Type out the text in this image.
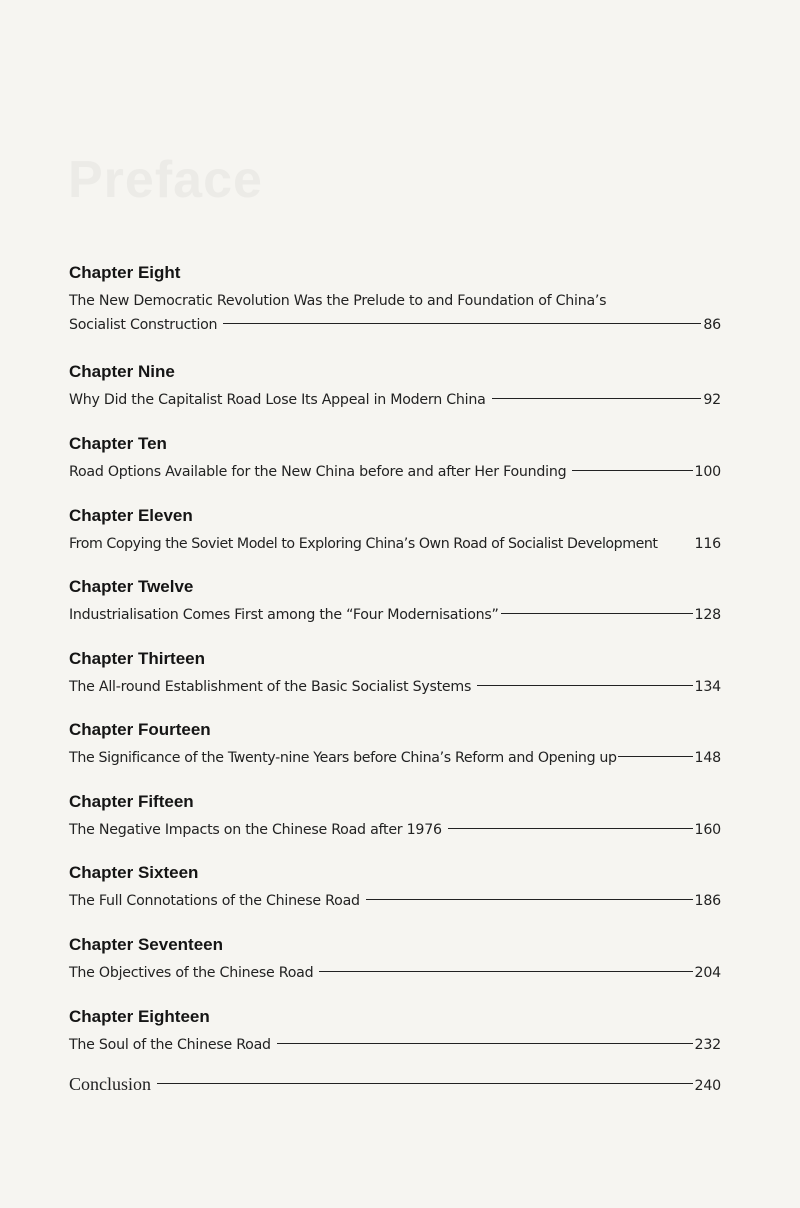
Preface
Chapter Eight
The New Democratic Revolution Was the Prelude to and Foundation of China’s
Socialist Construction	86
Chapter Nine
Why Did the Capitalist Road Lose Its Appeal in Modern China	92
Chapter Ten
Road Options Available for the New China before and after Her Founding	100
Chapter Eleven
From Copying the Soviet Model to Exploring China’s Own Road of Socialist Development	116
Chapter Twelve
Industrialisation Comes First among the “Four Modernisations”	128
Chapter Thirteen
The All-round Establishment of the Basic Socialist Systems	134
Chapter Fourteen
The Significance of the Twenty-nine Years before China’s Reform and Opening up	148
Chapter Fifteen
The Negative Impacts on the Chinese Road after 1976	160
Chapter Sixteen
The Full Connotations of the Chinese Road	186
Chapter Seventeen
The Objectives of the Chinese Road	204
Chapter Eighteen
The Soul of the Chinese Road	232
Conclusion	240
